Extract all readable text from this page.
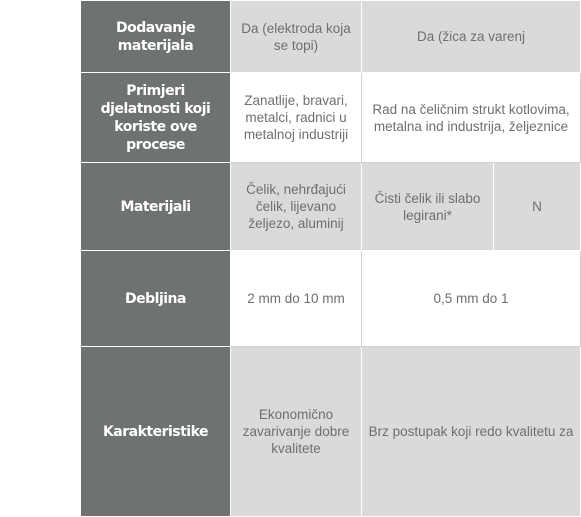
Dodavanje materijala	Da (elektroda koja se topi)	Da (žica za varenj	
Primjeri djelatnosti koji koriste ove procese	Zanatlije, bravari, metalci, radnici u metalnoj industriji	Rad na čeličnim strukt kotlovima, metalna ind industrija, željeznice	
Materijali	Čelik, nehrđajući čelik, lijevano željezo, aluminij	Čisti čelik ili slabo legirani*	N
Debljina	2 mm do 10 mm	0,5 mm do 1	
Karakteristike	Ekonomično zavarivanje dobre kvalitete	Brz postupak koji redo kvalitetu za	
